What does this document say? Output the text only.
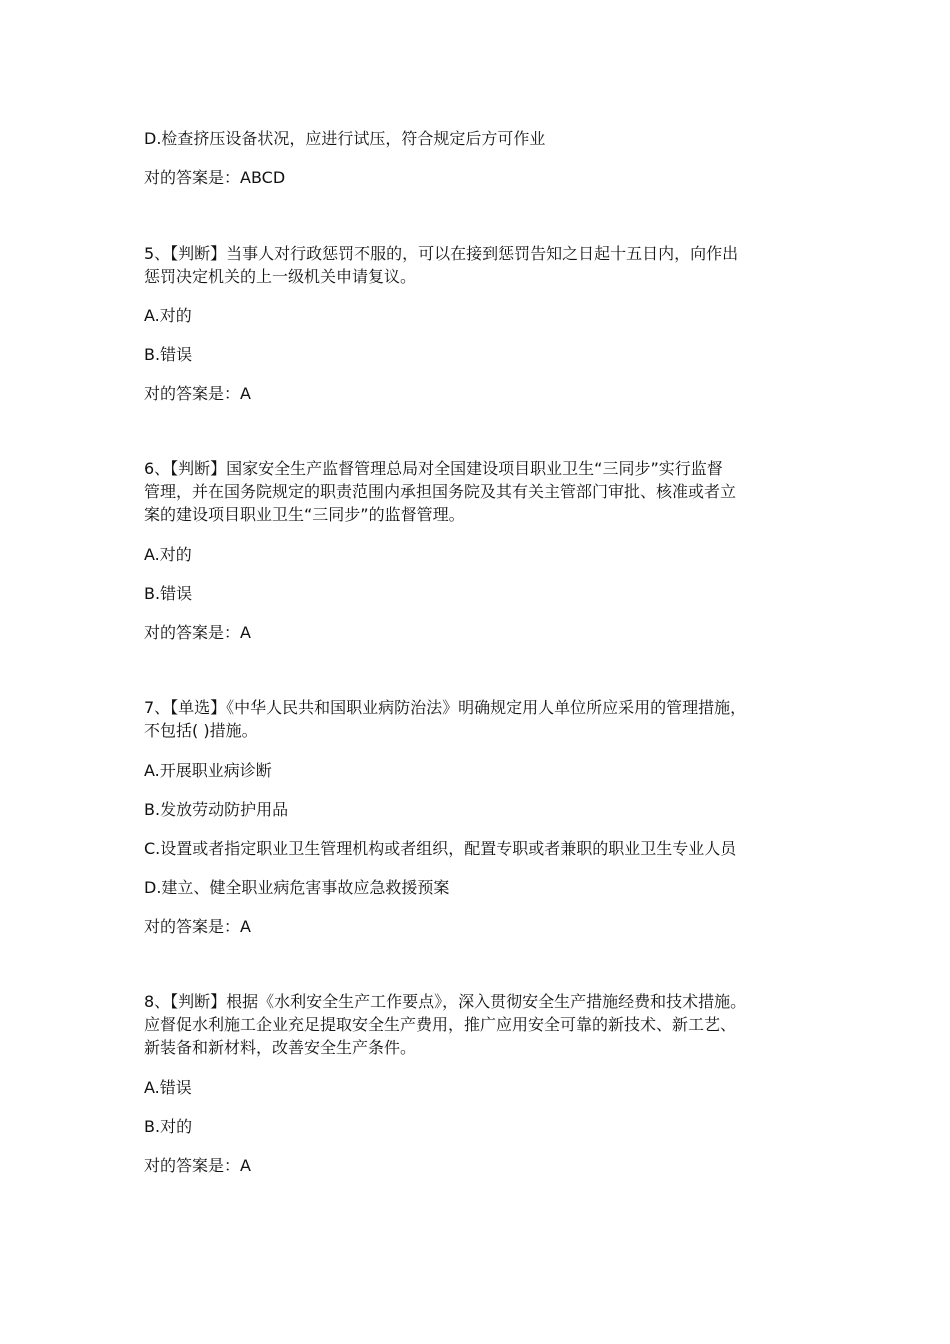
D.检查挤压设备状况，应进行试压，符合规定后方可作业
对的答案是：ABCD
5、【判断】当事人对行政惩罚不服的，可以在接到惩罚告知之日起十五日内，向作出
惩罚决定机关的上一级机关申请复议。
A.对的
B.错误
对的答案是：A
6、【判断】国家安全生产监督管理总局对全国建设项目职业卫生“三同步”实行监督
管理，并在国务院规定的职责范围内承担国务院及其有关主管部门审批、核准或者立
案的建设项目职业卫生“三同步”的监督管理。
A.对的
B.错误
对的答案是：A
7、【单选】《中华人民共和国职业病防治法》明确规定用人单位所应采用的管理措施，
不包括( )措施。
A.开展职业病诊断
B.发放劳动防护用品
C.设置或者指定职业卫生管理机构或者组织，配置专职或者兼职的职业卫生专业人员
D.建立、健全职业病危害事故应急救援预案
对的答案是：A
8、【判断】根据《水利安全生产工作要点》，深入贯彻安全生产措施经费和技术措施。
应督促水利施工企业充足提取安全生产费用，推广应用安全可靠的新技术、新工艺、
新装备和新材料，改善安全生产条件。
A.错误
B.对的
对的答案是：A
